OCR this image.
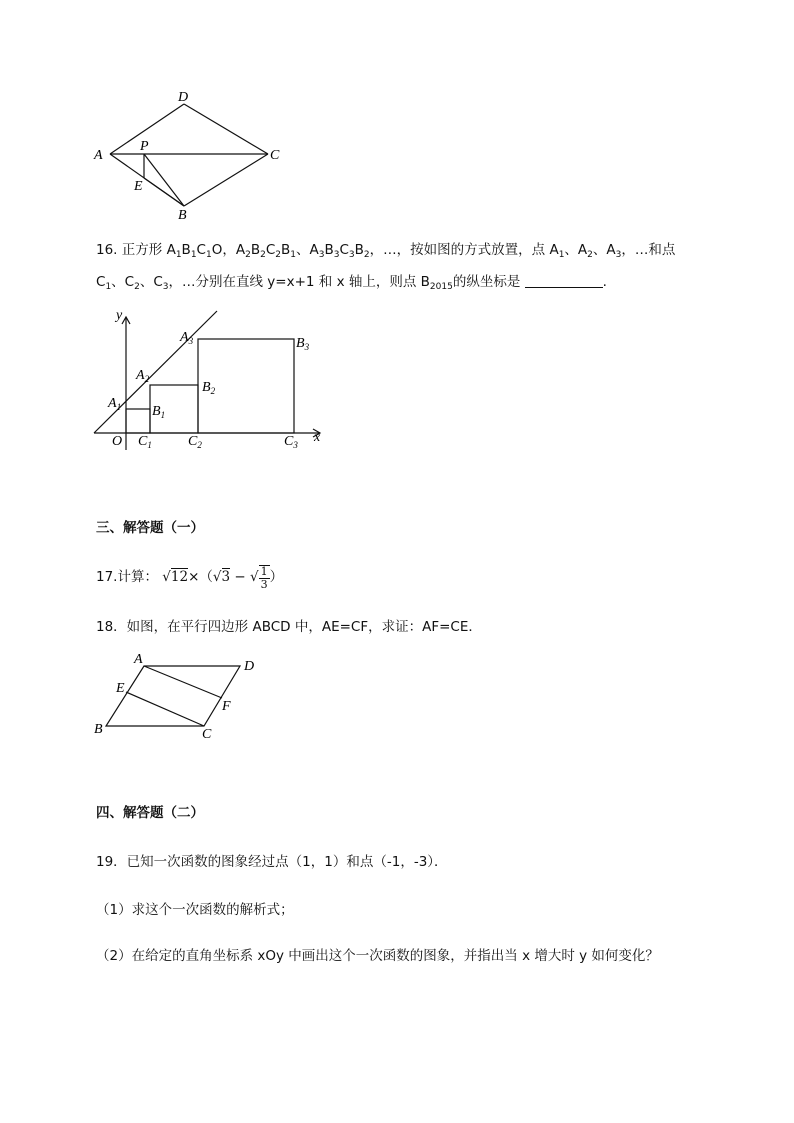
A
D
C
P
E
B
16. 正方形 $A_1B_1C_1O$，$A_2B_2C_2B_1$、$A_3B_3C_3B_2$，…，按如图的方式放置，点 $A_1$、$A_2$、$A_3$，…和点
$C_1$、$C_2$、$C_3$，…分别在直线 y=x+1 和 x 轴上，则点 $B_{2015}$的纵坐标是	.
y
x
O
$A_1$
$A_2$
$A_3$
$B_1$
$B_2$
$B_3$
$C_1$	$C_2$	$C_3$
三、解答题（一）
17.计算： √12×（√3 − √ $\frac{1}{3}$ ）
18．如图，在平行四边形 ABCD 中，AE=CF，求证：AF=CE．
A	D
E
F
B	C
四、解答题（二）
19．已知一次函数的图象经过点（1，1）和点（-1，-3）．
（1）求这个一次函数的解析式；
（2）在给定的直角坐标系 xOy 中画出这个一次函数的图象，并指出当 x 增大时 y 如何变化？
